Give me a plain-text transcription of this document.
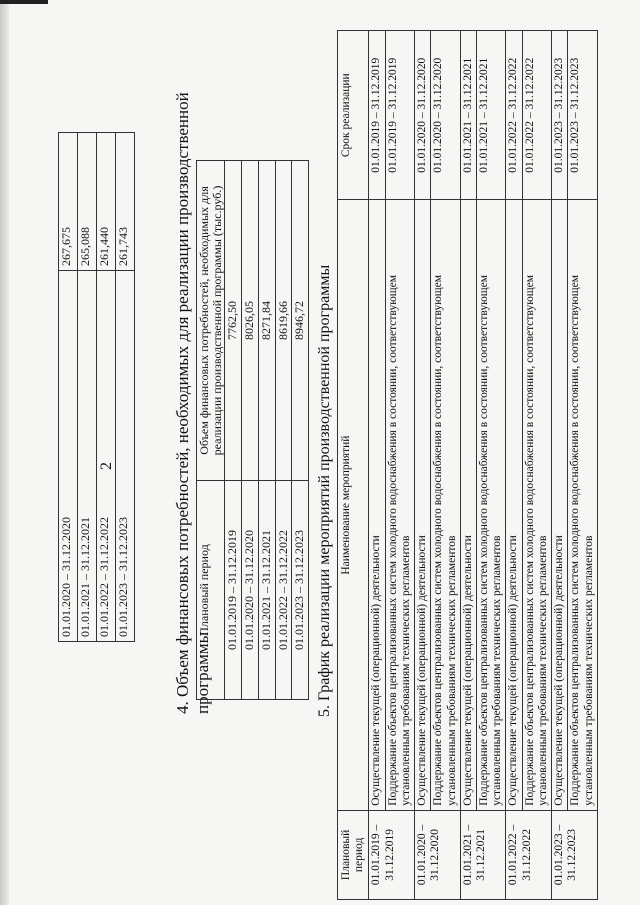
01.01.2020 – 31.12.2020	267,675
01.01.2021 – 31.12.2021	265,088
01.01.2022 – 31.12.2022	261,440
01.01.2023 – 31.12.2023	261,743
2	4. Объем финансовых потребностей, необходимых для реализации производственной программы
Плановый период	Объем финансовых потребностей, необходимых для реализации производственной программы (тыс.руб.)
01.01.2019 – 31.12.2019	7762,50
01.01.2020 – 31.12.2020	8026,05
01.01.2021 – 31.12.2021	8271,84
01.01.2022 – 31.12.2022	8619,66
01.01.2023 – 31.12.2023	8946,72 5. График реализации мероприятий производственной программы
Плановый период	Наименование мероприятий	Срок реализации
01.01.2019 – 31.12.2019	Осуществление текущей (операционной) деятельности	01.01.2019 – 31.12.2019
	Поддержание объектов централизованных систем холодного водоснабжения в состоянии, соответствующем установленным требованиям технических регламентов	01.01.2019 – 31.12.2019
01.01.2020 – 31.12.2020	Осуществление текущей (операционной) деятельности	01.01.2020 – 31.12.2020
	Поддержание объектов централизованных систем холодного водоснабжения в состоянии, соответствующем установленным требованиям технических регламентов	01.01.2020 – 31.12.2020
01.01.2021 – 31.12.2021	Осуществление текущей (операционной) деятельности	01.01.2021 – 31.12.2021
	Поддержание объектов централизованных систем холодного водоснабжения в состоянии, соответствующем установленным требованиям технических регламентов	01.01.2021 – 31.12.2021
01.01.2022 – 31.12.2022	Осуществление текущей (операционной) деятельности	01.01.2022 – 31.12.2022
	Поддержание объектов централизованных систем холодного водоснабжения в состоянии, соответствующем установленным требованиям технических регламентов	01.01.2022 – 31.12.2022
01.01.2023 – 31.12.2023	Осуществление текущей (операционной) деятельности	01.01.2023 – 31.12.2023
	Поддержание объектов централизованных систем холодного водоснабжения в состоянии, соответствующем установленным требованиям технических регламентов	01.01.2023 – 31.12.2023
